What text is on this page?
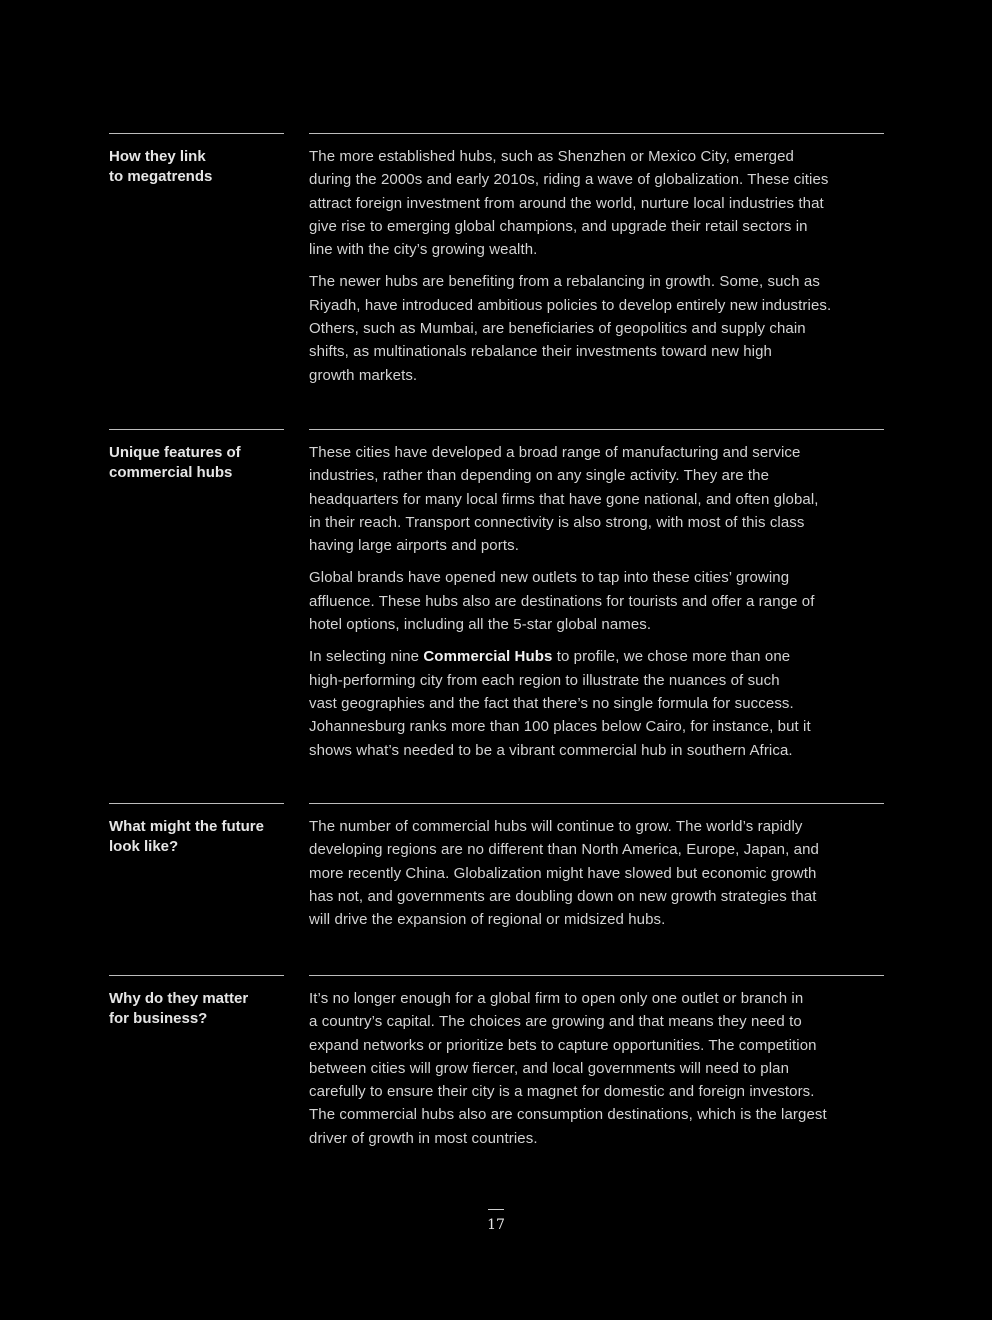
How they link
to megatrends

The more established hubs, such as Shenzhen or Mexico City, emerged
during the 2000s and early 2010s, riding a wave of globalization. These cities
attract foreign investment from around the world, nurture local industries that
give rise to emerging global champions, and upgrade their retail sectors in
line with the city’s growing wealth.

The newer hubs are benefiting from a rebalancing in growth. Some, such as
Riyadh, have introduced ambitious policies to develop entirely new industries.
Others, such as Mumbai, are beneficiaries of geopolitics and supply chain
shifts, as multinationals rebalance their investments toward new high
growth markets.

Unique features of
commercial hubs

These cities have developed a broad range of manufacturing and service
industries, rather than depending on any single activity. They are the
headquarters for many local firms that have gone national, and often global,
in their reach. Transport connectivity is also strong, with most of this class
having large airports and ports.

Global brands have opened new outlets to tap into these cities’ growing
affluence. These hubs also are destinations for tourists and offer a range of
hotel options, including all the 5-star global names.

In selecting nine Commercial Hubs to profile, we chose more than one
high-performing city from each region to illustrate the nuances of such
vast geographies and the fact that there’s no single formula for success.
Johannesburg ranks more than 100 places below Cairo, for instance, but it
shows what’s needed to be a vibrant commercial hub in southern Africa.

What might the future
look like?

The number of commercial hubs will continue to grow. The world’s rapidly
developing regions are no different than North America, Europe, Japan, and
more recently China. Globalization might have slowed but economic growth
has not, and governments are doubling down on new growth strategies that
will drive the expansion of regional or midsized hubs.

Why do they matter
for business?

It’s no longer enough for a global firm to open only one outlet or branch in
a country’s capital. The choices are growing and that means they need to
expand networks or prioritize bets to capture opportunities. The competition
between cities will grow fiercer, and local governments will need to plan
carefully to ensure their city is a magnet for domestic and foreign investors.
The commercial hubs also are consumption destinations, which is the largest
driver of growth in most countries.

17
